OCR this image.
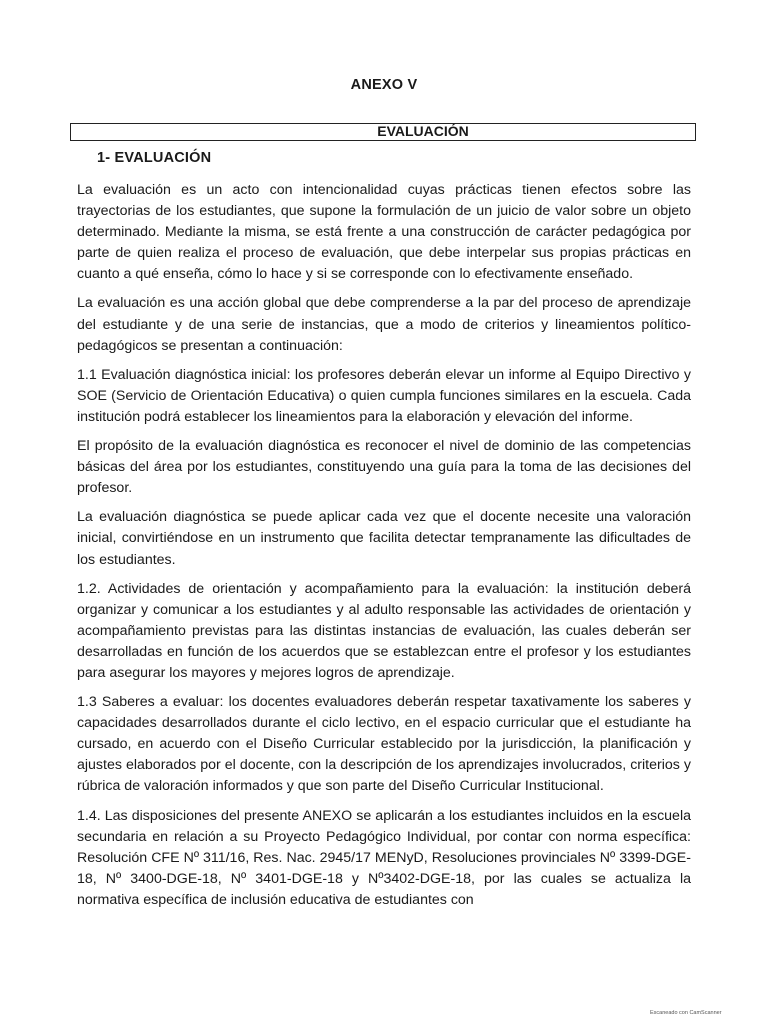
ANEXO V
EVALUACIÓN
1- EVALUACIÓN

La evaluación es un acto con intencionalidad cuyas prácticas tienen efectos sobre las trayectorias de los estudiantes, que supone la formulación de un juicio de valor sobre un objeto determinado. Mediante la misma, se está frente a una construcción de carácter pedagógica por parte de quien realiza el proceso de evaluación, que debe interpelar sus propias prácticas en cuanto a qué enseña, cómo lo hace y si se corresponde con lo efectivamente enseñado.

La evaluación es una acción global que debe comprenderse a la par del proceso de aprendizaje del estudiante y de una serie de instancias, que a modo de criterios y lineamientos político-pedagógicos se presentan a continuación:

1.1 Evaluación diagnóstica inicial: los profesores deberán elevar un informe al Equipo Directivo y SOE (Servicio de Orientación Educativa) o quien cumpla funciones similares en la escuela. Cada institución podrá establecer los lineamientos para la elaboración y elevación del informe.

El propósito de la evaluación diagnóstica es reconocer el nivel de dominio de las competencias básicas del área por los estudiantes, constituyendo una guía para la toma de las decisiones del profesor.

La evaluación diagnóstica se puede aplicar cada vez que el docente necesite una valoración inicial, convirtiéndose en un instrumento que facilita detectar tempranamente las dificultades de los estudiantes.

1.2. Actividades de orientación y acompañamiento para la evaluación: la institución deberá organizar y comunicar a los estudiantes y al adulto responsable las actividades de orientación y acompañamiento previstas para las distintas instancias de evaluación, las cuales deberán ser desarrolladas en función de los acuerdos que se establezcan entre el profesor y los estudiantes para asegurar los mayores y mejores logros de aprendizaje.

1.3 Saberes a evaluar: los docentes evaluadores deberán respetar taxativamente los saberes y capacidades desarrollados durante el ciclo lectivo, en el espacio curricular que el estudiante ha cursado, en acuerdo con el Diseño Curricular establecido por la jurisdicción, la planificación y ajustes elaborados por el docente, con la descripción de los aprendizajes involucrados, criterios y rúbrica de valoración informados y que son parte del Diseño Curricular Institucional.

1.4. Las disposiciones del presente ANEXO se aplicarán a los estudiantes incluidos en la escuela secundaria en relación a su Proyecto Pedagógico Individual, por contar con norma específica: Resolución CFE Nº 311/16, Res. Nac. 2945/17 MENyD, Resoluciones provinciales Nº 3399-DGE-18, Nº 3400-DGE-18, Nº 3401-DGE-18 y Nº3402-DGE-18, por las cuales se actualiza la normativa específica de inclusión educativa de estudiantes con

Escaneado con CamScanner
